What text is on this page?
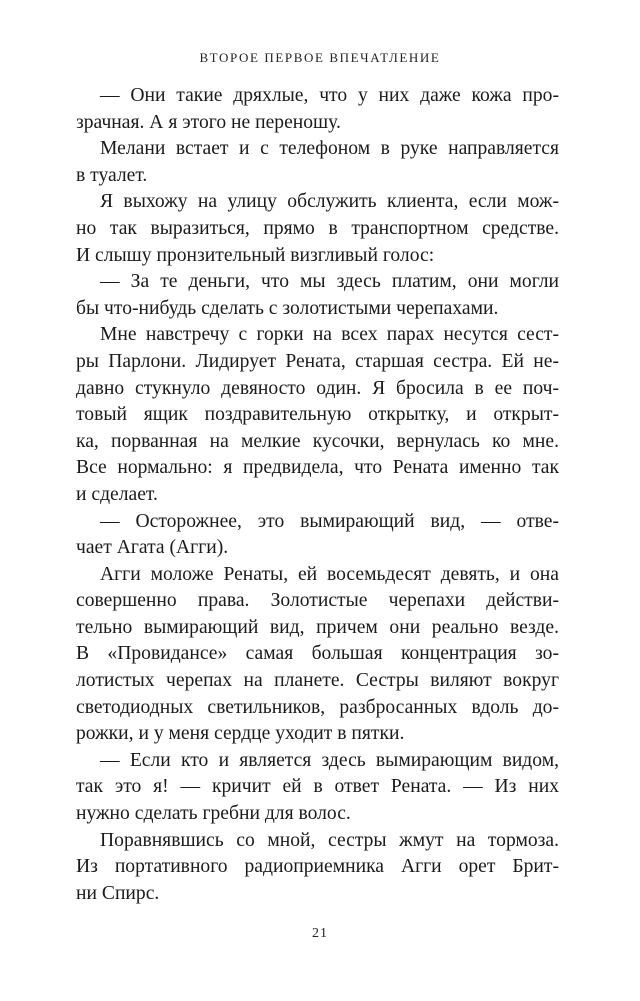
ВТОРОЕ ПЕРВОЕ ВПЕЧАТЛЕНИЕ
— Они такие дряхлые, что у них даже кожа про-
зрачная. А я этого не переношу.
Мелани встает и с телефоном в руке направляется
в туалет.
Я выхожу на улицу обслужить клиента, если мож-
но так выразиться, прямо в транспортном средстве.
И слышу пронзительный визгливый голос:
— За те деньги, что мы здесь платим, они могли
бы что-нибудь сделать с золотистыми черепахами.
Мне навстречу с горки на всех парах несутся сест-
ры Парлони. Лидирует Рената, старшая сестра. Ей не-
давно стукнуло девяносто один. Я бросила в ее поч-
товый ящик поздравительную открытку, и открыт-
ка, порванная на мелкие кусочки, вернулась ко мне.
Все нормально: я предвидела, что Рената именно так
и сделает.
— Осторожнее, это вымирающий вид, — отве-
чает Агата (Агги).
Агги моложе Ренаты, ей восемьдесят девять, и она
совершенно права. Золотистые черепахи действи-
тельно вымирающий вид, причем они реально везде.
В «Провидансе» самая большая концентрация зо-
лотистых черепах на планете. Сестры виляют вокруг
светодиодных светильников, разбросанных вдоль до-
рожки, и у меня сердце уходит в пятки.
— Если кто и является здесь вымирающим видом,
так это я! — кричит ей в ответ Рената. — Из них
нужно сделать гребни для волос.
Поравнявшись со мной, сестры жмут на тормоза.
Из портативного радиоприемника Агги орет Брит-
ни Спирс.
21
